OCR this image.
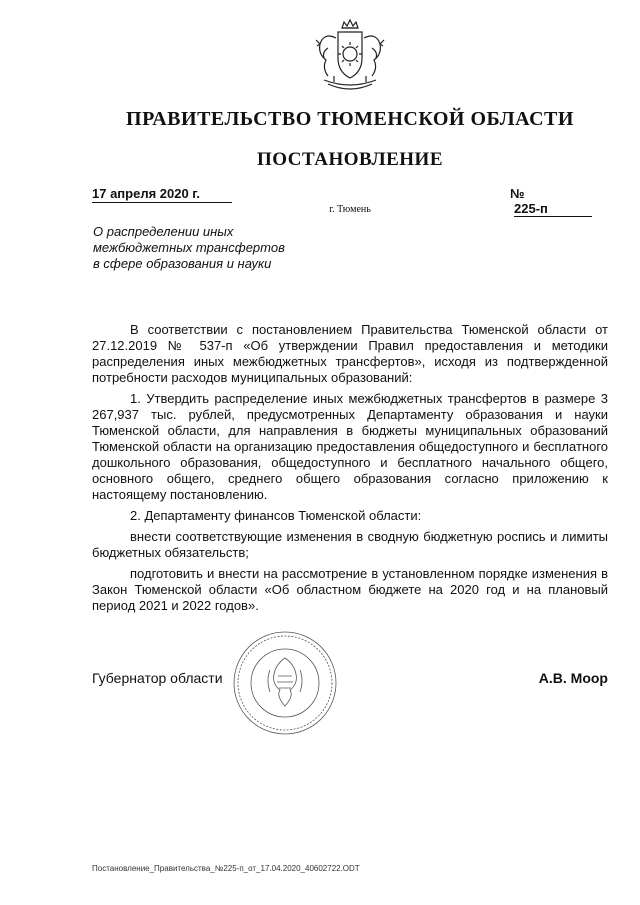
ПРАВИТЕЛЬСТВО ТЮМЕНСКОЙ ОБЛАСТИ
ПОСТАНОВЛЕНИЕ
17 апреля 2020 г.	№225-п
г. Тюмень
О распределении иных
межбюджетных трансфертов
в сфере образования и науки

В соответствии с постановлением Правительства Тюменской области от 27.12.2019 № 537-п «Об утверждении Правил предоставления и методики распределения иных межбюджетных трансфертов», исходя из подтвержденной потребности расходов муниципальных образований:

1. Утвердить распределение иных межбюджетных трансфертов в размере 3 267,937 тыс. рублей, предусмотренных Департаменту образования и науки Тюменской области, для направления в бюджеты муниципальных образований Тюменской области на организацию предоставления общедоступного и бесплатного дошкольного образования, общедоступного и бесплатного начального общего, основного общего, среднего общего образования согласно приложению к настоящему постановлению.

2. Департаменту финансов Тюменской области:

внести соответствующие изменения в сводную бюджетную роспись и лимиты бюджетных обязательств;

подготовить и внести на рассмотрение в установленном порядке изменения в Закон Тюменской области «Об областном бюджете на 2020 год и на плановый период 2021 и 2022 годов».

Губернатор области	А.В. Моор
Постановление_Правительства_№225-п_от_17.04.2020_40602722.ODT
